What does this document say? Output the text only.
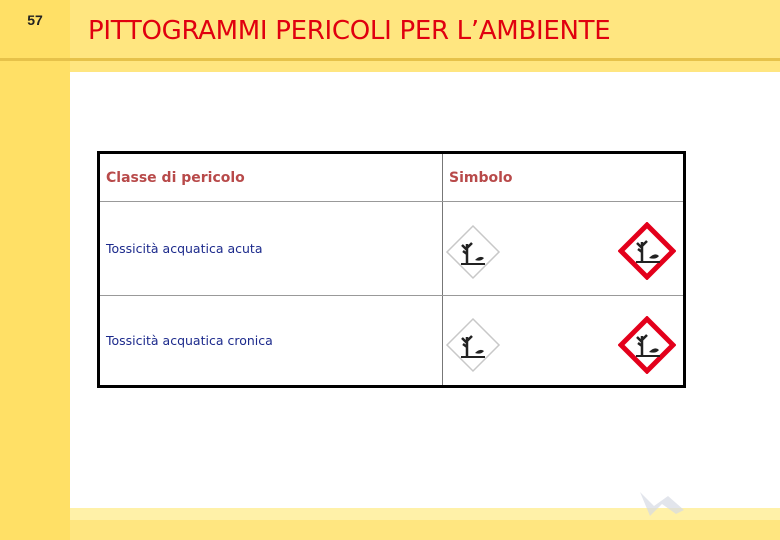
57	PITTOGRAMMI PERICOLI PER L’AMBIENTE
Classe di pericolo	Simbolo
Tossicità acquatica acuta
Tossicità acquatica cronica
